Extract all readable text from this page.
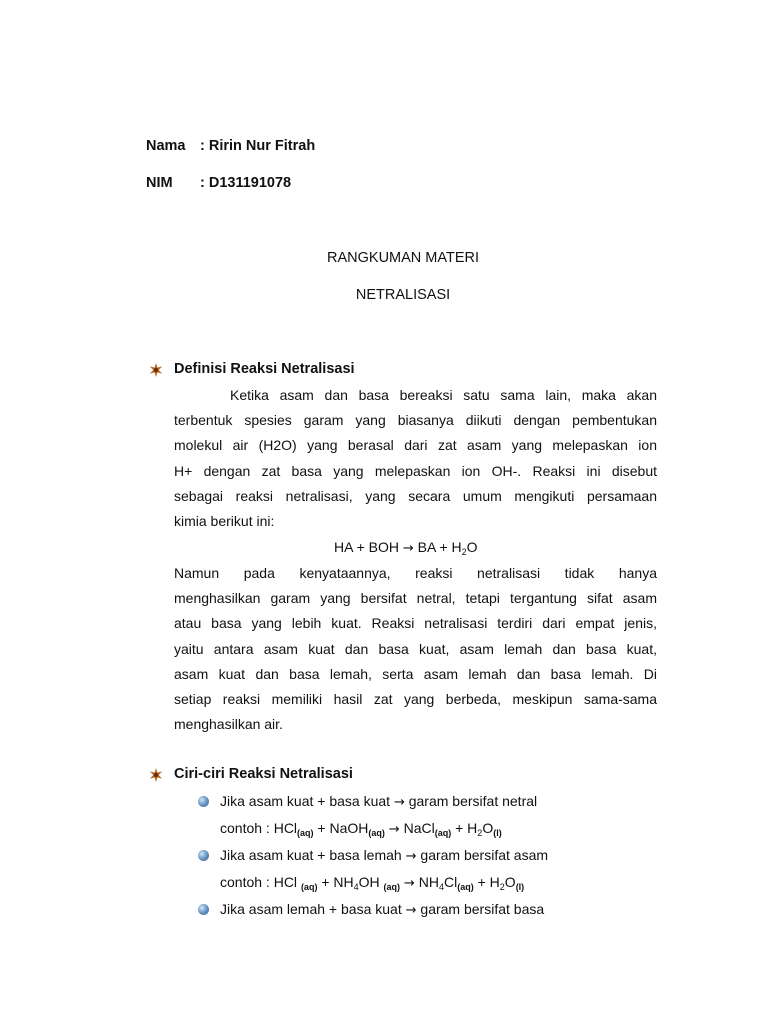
Nama : Ririn Nur Fitrah
NIM : D131191078
RANGKUMAN MATERI
NETRALISASI
Definisi Reaksi Netralisasi
Ketika asam dan basa bereaksi satu sama lain, maka akan
terbentuk spesies garam yang biasanya diikuti dengan pembentukan
molekul air (H2O) yang berasal dari zat asam yang melepaskan ion
H+ dengan zat basa yang melepaskan ion OH-. Reaksi ini disebut
sebagai reaksi netralisasi, yang secara umum mengikuti persamaan
kimia berikut ini:
HA + BOH → BA + $H_2O$
Namun pada kenyataannya, reaksi netralisasi tidak hanya
menghasilkan garam yang bersifat netral, tetapi tergantung sifat asam
atau basa yang lebih kuat. Reaksi netralisasi terdiri dari empat jenis,
yaitu antara asam kuat dan basa kuat, asam lemah dan basa kuat,
asam kuat dan basa lemah, serta asam lemah dan basa lemah. Di
setiap reaksi memiliki hasil zat yang berbeda, meskipun sama-sama
menghasilkan air.
Ciri-ciri Reaksi Netralisasi
Jika asam kuat + basa kuat → garam bersifat netral
contoh : HCl$_{(aq)}$ + NaOH$_{(aq)}$ → NaCl$_{(aq)}$ + $H_2O_{(l)}$
Jika asam kuat + basa lemah → garam bersifat asam
contoh : HCl $_{(aq)} + NH_4OH$ $_{(aq)} \to NH_4Cl_{(aq)} + H_2O_{(l)}$
Jika asam lemah + basa kuat → garam bersifat basa
